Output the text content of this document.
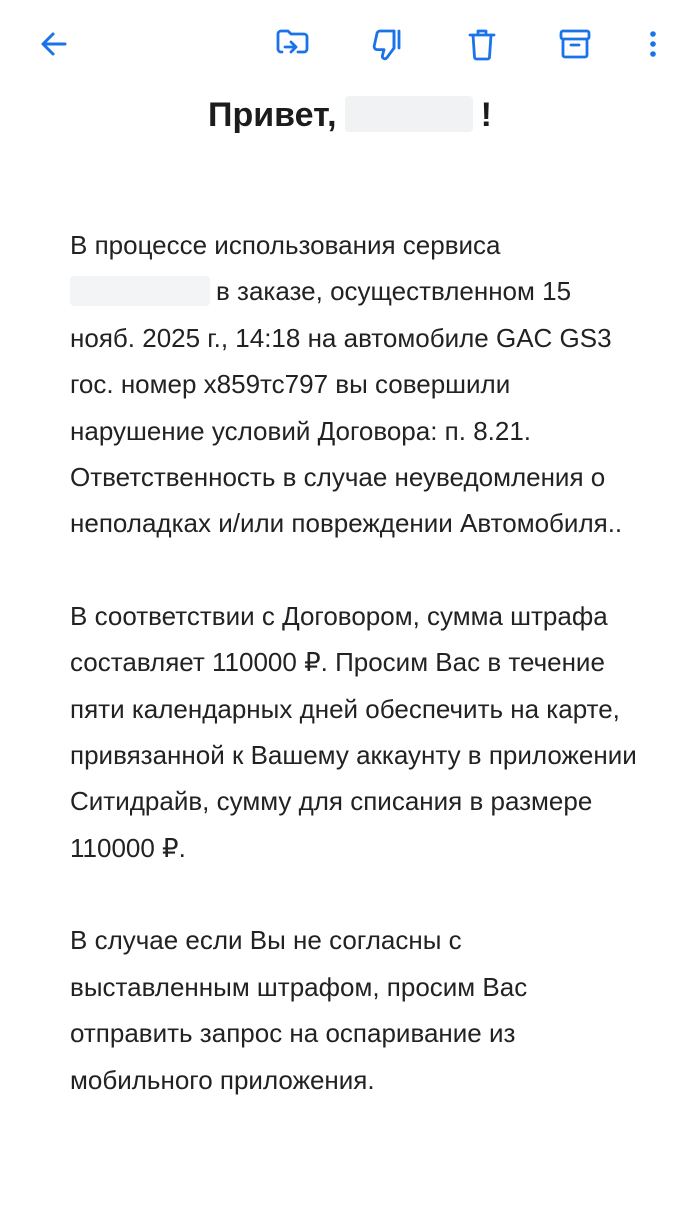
Привет,	!

В процессе использования сервиса в заказе, осуществленном 15 нояб. 2025 г., 14:18 на автомобиле GAC GS3 гос. номер х859тс797 вы совершили нарушение условий Договора: п. 8.21. Ответственность в случае неуведомления о неполадках и/или повреждении Автомобиля..

В соответствии с Договором, сумма штрафа составляет 110000 ₽. Просим Вас в течение пяти календарных дней обеспечить на карте, привязанной к Вашему аккаунту в приложении Ситидрайв, сумму для списания в размере 110000 ₽.

В случае если Вы не согласны с выставленным штрафом, просим Вас отправить запрос на оспаривание из мобильного приложения.
